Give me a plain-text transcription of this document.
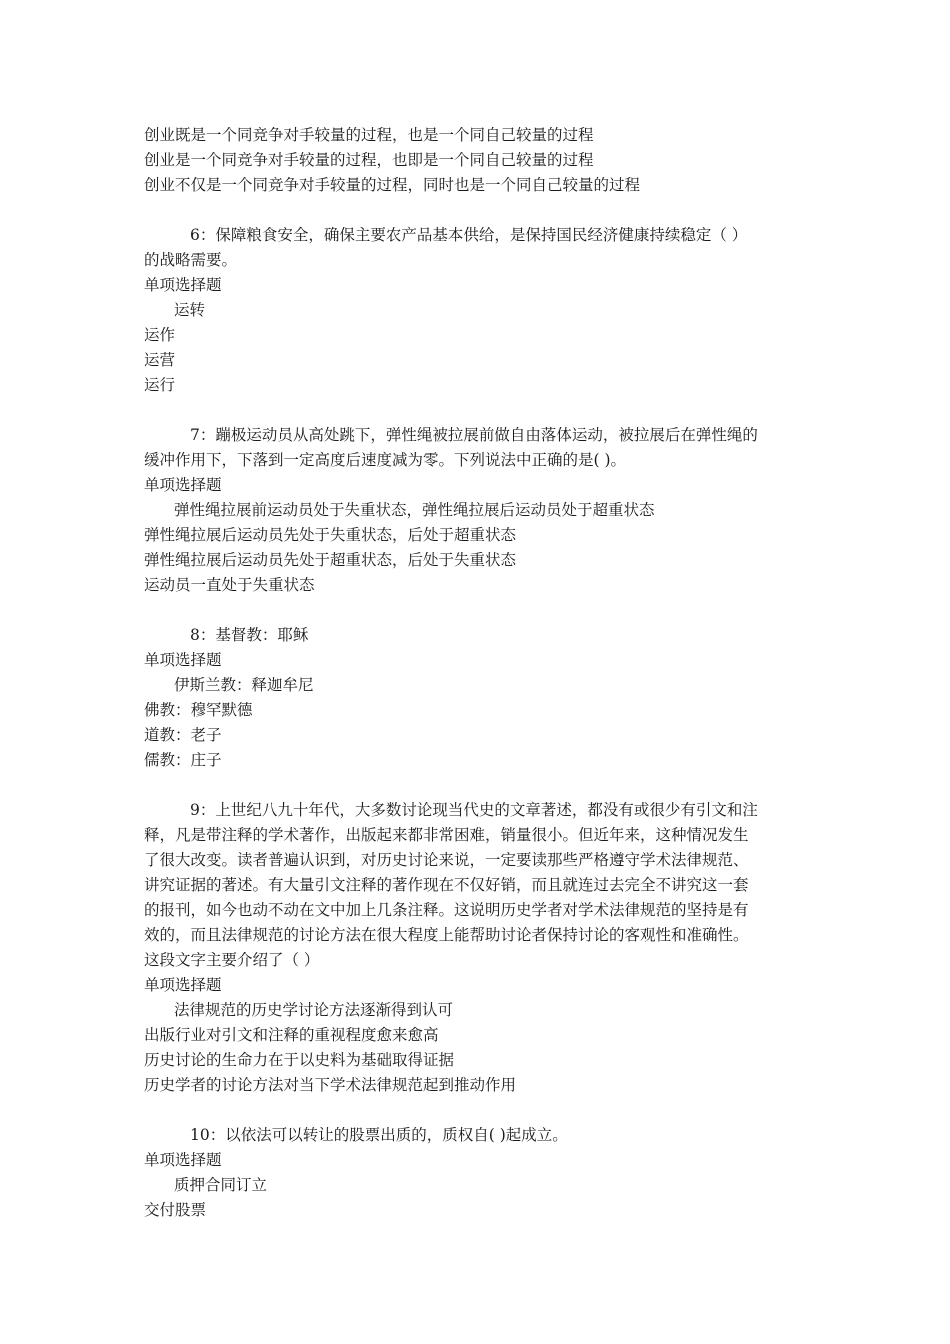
创业既是一个同竞争对手较量的过程，也是一个同自己较量的过程
创业是一个同竞争对手较量的过程，也即是一个同自己较量的过程
创业不仅是一个同竞争对手较量的过程，同时也是一个同自己较量的过程
6：保障粮食安全，确保主要农产品基本供给，是保持国民经济健康持续稳定（ ）
的战略需要。
单项选择题
运转
运作
运营
运行
7：蹦极运动员从高处跳下，弹性绳被拉展前做自由落体运动，被拉展后在弹性绳的
缓冲作用下，下落到一定高度后速度减为零。下列说法中正确的是( )。
单项选择题
弹性绳拉展前运动员处于失重状态，弹性绳拉展后运动员处于超重状态
弹性绳拉展后运动员先处于失重状态，后处于超重状态
弹性绳拉展后运动员先处于超重状态，后处于失重状态
运动员一直处于失重状态
8：基督教：耶稣
单项选择题
伊斯兰教：释迦牟尼
佛教：穆罕默德
道教：老子
儒教：庄子
9：上世纪八九十年代，大多数讨论现当代史的文章著述，都没有或很少有引文和注
释，凡是带注释的学术著作，出版起来都非常困难，销量很小。但近年来，这种情况发生
了很大改变。读者普遍认识到，对历史讨论来说，一定要读那些严格遵守学术法律规范、
讲究证据的著述。有大量引文注释的著作现在不仅好销，而且就连过去完全不讲究这一套
的报刊，如今也动不动在文中加上几条注释。这说明历史学者对学术法律规范的坚持是有
效的，而且法律规范的讨论方法在很大程度上能帮助讨论者保持讨论的客观性和准确性。
这段文字主要介绍了（ ）
单项选择题
法律规范的历史学讨论方法逐渐得到认可
出版行业对引文和注释的重视程度愈来愈高
历史讨论的生命力在于以史料为基础取得证据
历史学者的讨论方法对当下学术法律规范起到推动作用
10：以依法可以转让的股票出质的，质权自( )起成立。
单项选择题
质押合同订立
交付股票
